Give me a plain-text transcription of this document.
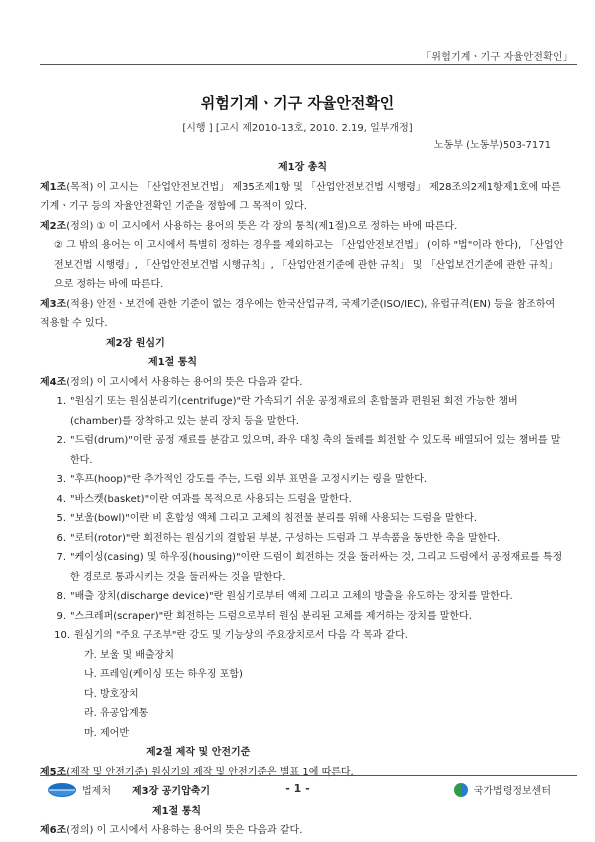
「위험기계ㆍ기구 자율안전확인」
위험기계ㆍ기구 자율안전확인
[시행 ] [고시 제2010-13호, 2010. 2.19, 일부개정]
노동부 (노동부)503-7171

제1장 총칙

제1조(목적) 이 고시는 「산업안전보건법」 제35조제1항 및 「산업안전보건법 시행령」 제28조의2제1항제1호에 따른 기계ㆍ기구 등의 자율안전확인 기준을 정함에 그 목적이 있다.

제2조(정의) ① 이 고시에서 사용하는 용어의 뜻은 각 장의 통칙(제1절)으로 정하는 바에 따른다.

② 그 밖의 용어는 이 고시에서 특별히 정하는 경우를 제외하고는 「산업안전보건법」 (이하 "법"이라 한다), 「산업안전보건법 시행령」, 「산업안전보건법 시행규칙」, 「산업안전기준에 관한 규칙」 및 「산업보건기준에 관한 규칙」으로 정하는 바에 따른다.

제3조(적용) 안전ㆍ보건에 관한 기준이 없는 경우에는 한국산업규격, 국제기준(ISO/IEC), 유럽규격(EN) 등을 참조하여 적용할 수 있다.

제2장 원심기

제1절 통칙

제4조(정의) 이 고시에서 사용하는 용어의 뜻은 다음과 같다.

1. "원심기 또는 원심분리기(centrifuge)"란 가속되기 쉬운 공정재료의 혼합물과 편원된 회전 가능한 챔버(chamber)를 장착하고 있는 분리 장치 등을 말한다.
2. "드럼(drum)"이란 공정 재료를 분감고 있으며, 좌우 대칭 축의 둘레를 회전할 수 있도록 배열되어 있는 챔버를 말한다.
3. "후프(hoop)"란 추가적인 강도를 주는, 드럼 외부 표면을 고정시키는 링을 말한다.
4. "바스켓(basket)"이란 여과를 목적으로 사용되는 드럼을 말한다.
5. "보울(bowl)"이란 비 혼합성 액체 그리고 고체의 침전물 분리를 위해 사용되는 드럼을 말한다.
6. "로터(rotor)"란 회전하는 원심기의 결합된 부분, 구성하는 드럼과 그 부속품을 동반한 축을 말한다.
7. "케이싱(casing) 및 하우징(housing)"이란 드럼이 회전하는 것을 둘러싸는 것, 그리고 드럼에서 공정재료를 특정한 경로로 통과시키는 것을 둘러싸는 것을 말한다.
8. "배출 장치(discharge device)"란 원심기로부터 액체 그리고 고체의 방출을 유도하는 장치를 말한다.
9. "스크레퍼(scraper)"란 회전하는 드럼으로부터 원심 분리된 고체를 제거하는 장치를 말한다.
10. 원심기의 "주요 구조부"란 강도 및 기능상의 주요장치로서 다음 각 목과 같다.

가. 보울 및 배출장치

나. 프레임(케이싱 또는 하우징 포함)

다. 방호장치

라. 유공압계통

마. 제어반

제2절 제작 및 안전기준

제5조(제작 및 안전기준) 원심기의 제작 및 안전기준은 별표 1에 따른다.

제3장 공기압축기

제1절 통칙

제6조(정의) 이 고시에서 사용하는 용어의 뜻은 다음과 같다.

법제처	- 1 -	국가법령정보센터
